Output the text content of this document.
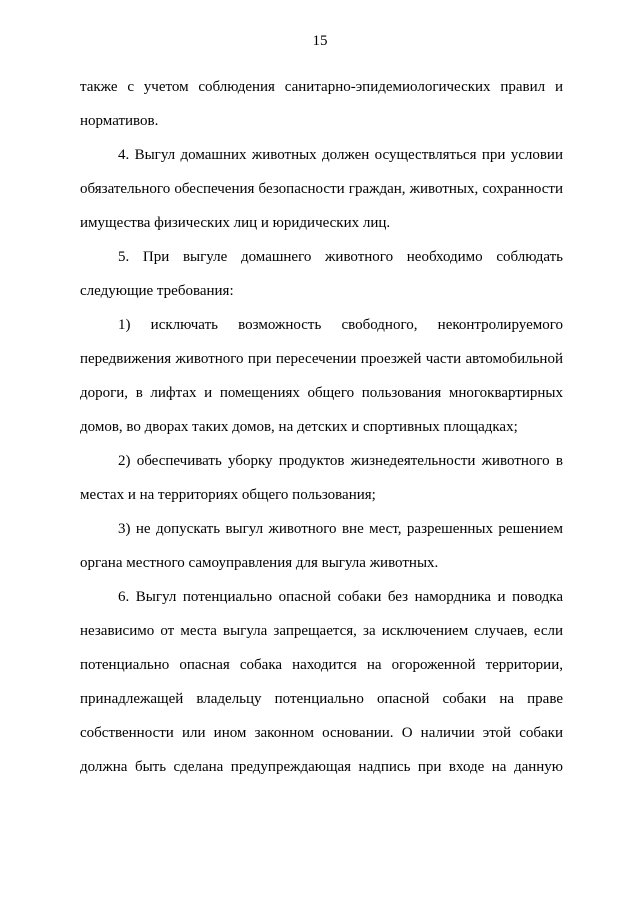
15
также с учетом соблюдения санитарно-эпидемиологических правил и
нормативов.
4. Выгул домашних животных должен осуществляться при условии
обязательного обеспечения безопасности граждан, животных, сохранности
имущества физических лиц и юридических лиц.
5. При выгуле домашнего животного необходимо соблюдать
следующие требования:
1) исключать возможность свободного, неконтролируемого
передвижения животного при пересечении проезжей части автомобильной
дороги, в лифтах и помещениях общего пользования многоквартирных
домов, во дворах таких домов, на детских и спортивных площадках;
2) обеспечивать уборку продуктов жизнедеятельности животного в
местах и на территориях общего пользования;
3) не допускать выгул животного вне мест, разрешенных решением
органа местного самоуправления для выгула животных.
6. Выгул потенциально опасной собаки без намордника и поводка
независимо от места выгула запрещается, за исключением случаев, если
потенциально опасная собака находится на огороженной территории,
принадлежащей владельцу потенциально опасной собаки на праве
собственности или ином законном основании. О наличии этой собаки
должна быть сделана предупреждающая надпись при входе на данную
